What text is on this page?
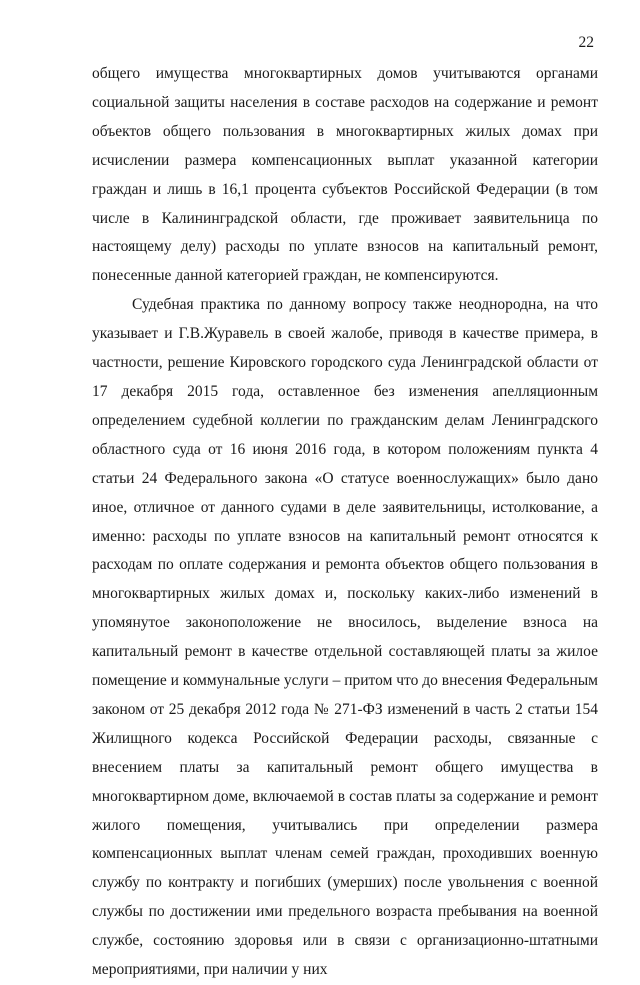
22

общего имущества многоквартирных домов учитываются органами социальной защиты населения в составе расходов на содержание и ремонт объектов общего пользования в многоквартирных жилых домах при исчислении размера компенсационных выплат указанной категории граждан и лишь в 16,1 процента субъектов Российской Федерации (в том числе в Калининградской области, где проживает заявительница по настоящему делу) расходы по уплате взносов на капитальный ремонт, понесенные данной категорией граждан, не компенсируются.

Судебная практика по данному вопросу также неоднородна, на что указывает и Г.В.Журавель в своей жалобе, приводя в качестве примера, в частности, решение Кировского городского суда Ленинградской области от 17 декабря 2015 года, оставленное без изменения апелляционным определением судебной коллегии по гражданским делам Ленинградского областного суда от 16 июня 2016 года, в котором положениям пункта 4 статьи 24 Федерального закона «О статусе военнослужащих» было дано иное, отличное от данного судами в деле заявительницы, истолкование, а именно: расходы по уплате взносов на капитальный ремонт относятся к расходам по оплате содержания и ремонта объектов общего пользования в многоквартирных жилых домах и, поскольку каких-либо изменений в упомянутое законоположение не вносилось, выделение взноса на капитальный ремонт в качестве отдельной составляющей платы за жилое помещение и коммунальные услуги – притом что до внесения Федеральным законом от 25 декабря 2012 года № 271-ФЗ изменений в часть 2 статьи 154 Жилищного кодекса Российской Федерации расходы, связанные с внесением платы за капитальный ремонт общего имущества в многоквартирном доме, включаемой в состав платы за содержание и ремонт жилого помещения, учитывались при определении размера компенсационных выплат членам семей граждан, проходивших военную службу по контракту и погибших (умерших) после увольнения с военной службы по достижении ими предельного возраста пребывания на военной службе, состоянию здоровья или в связи с организационно-штатными мероприятиями, при наличии у них
